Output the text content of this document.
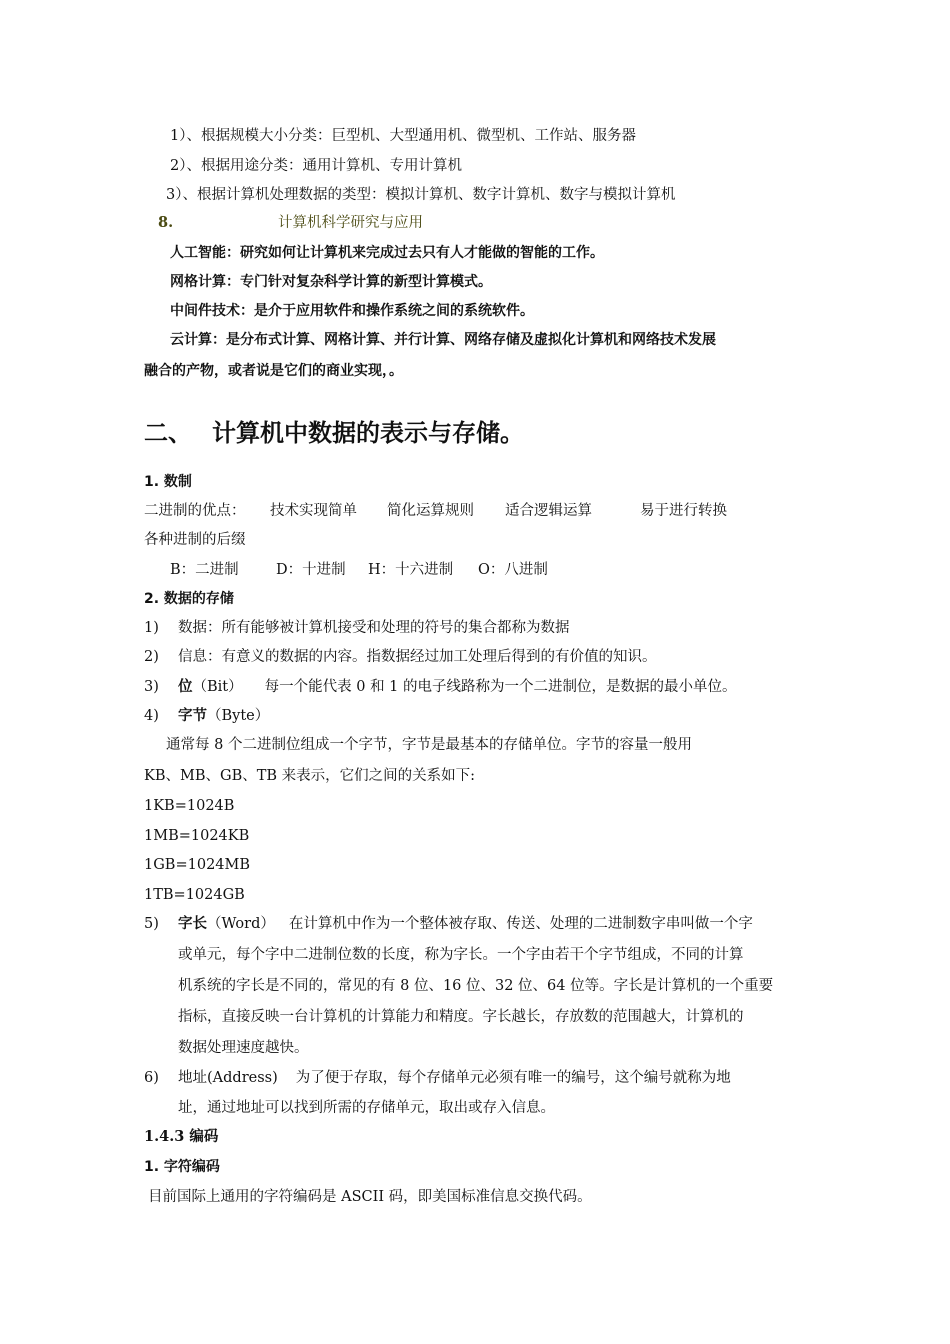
1）、根据规模大小分类：巨型机、大型通用机、微型机、工作站、服务器
2）、根据用途分类：通用计算机、专用计算机
3）、根据计算机处理数据的类型：模拟计算机、数字计算机、数字与模拟计算机
8.	计算机科学研究与应用
人工智能：研究如何让计算机来完成过去只有人才能做的智能的工作。
网格计算：专门针对复杂科学计算的新型计算模式。
中间件技术：是介于应用软件和操作系统之间的系统软件。
云计算：是分布式计算、网格计算、并行计算、网络存储及虚拟化计算机和网络技术发展
融合的产物，或者说是它们的商业实现，。
二、 计算机中数据的表示与存储。
1. 数制
二进制的优点： 技术实现简单 简化运算规则 适合逻辑运算	易于进行转换
各种进制的后缀
B：二进制	D：十进制 H：十六进制 O：八进制
2. 数据的存储
1) 数据：所有能够被计算机接受和处理的符号的集合都称为数据
2) 信息：有意义的数据的内容。指数据经过加工处理后得到的有价值的知识。
3) 位（Bit） 每一个能代表 0 和 1 的电子线路称为一个二进制位，是数据的最小单位。
4) 字节（Byte）
通常每 8 个二进制位组成一个字节，字节是最基本的存储单位。字节的容量一般用
KB、MB、GB、TB 来表示，它们之间的关系如下:
1KB=1024B
1MB=1024KB
1GB=1024MB
1TB=1024GB
5) 字长（Word） 在计算机中作为一个整体被存取、传送、处理的二进制数字串叫做一个字
或单元，每个字中二进制位数的长度，称为字长。一个字由若干个字节组成，不同的计算
机系统的字长是不同的，常见的有 8 位、16 位、32 位、64 位等。字长是计算机的一个重要
指标，直接反映一台计算机的计算能力和精度。字长越长，存放数的范围越大，计算机的
数据处理速度越快。
6) 地址(Address) 为了便于存取，每个存储单元必须有唯一的编号，这个编号就称为地
址，通过地址可以找到所需的存储单元，取出或存入信息。
1.4.3 编码
1. 字符编码
目前国际上通用的字符编码是 ASCII 码，即美国标准信息交换代码。
